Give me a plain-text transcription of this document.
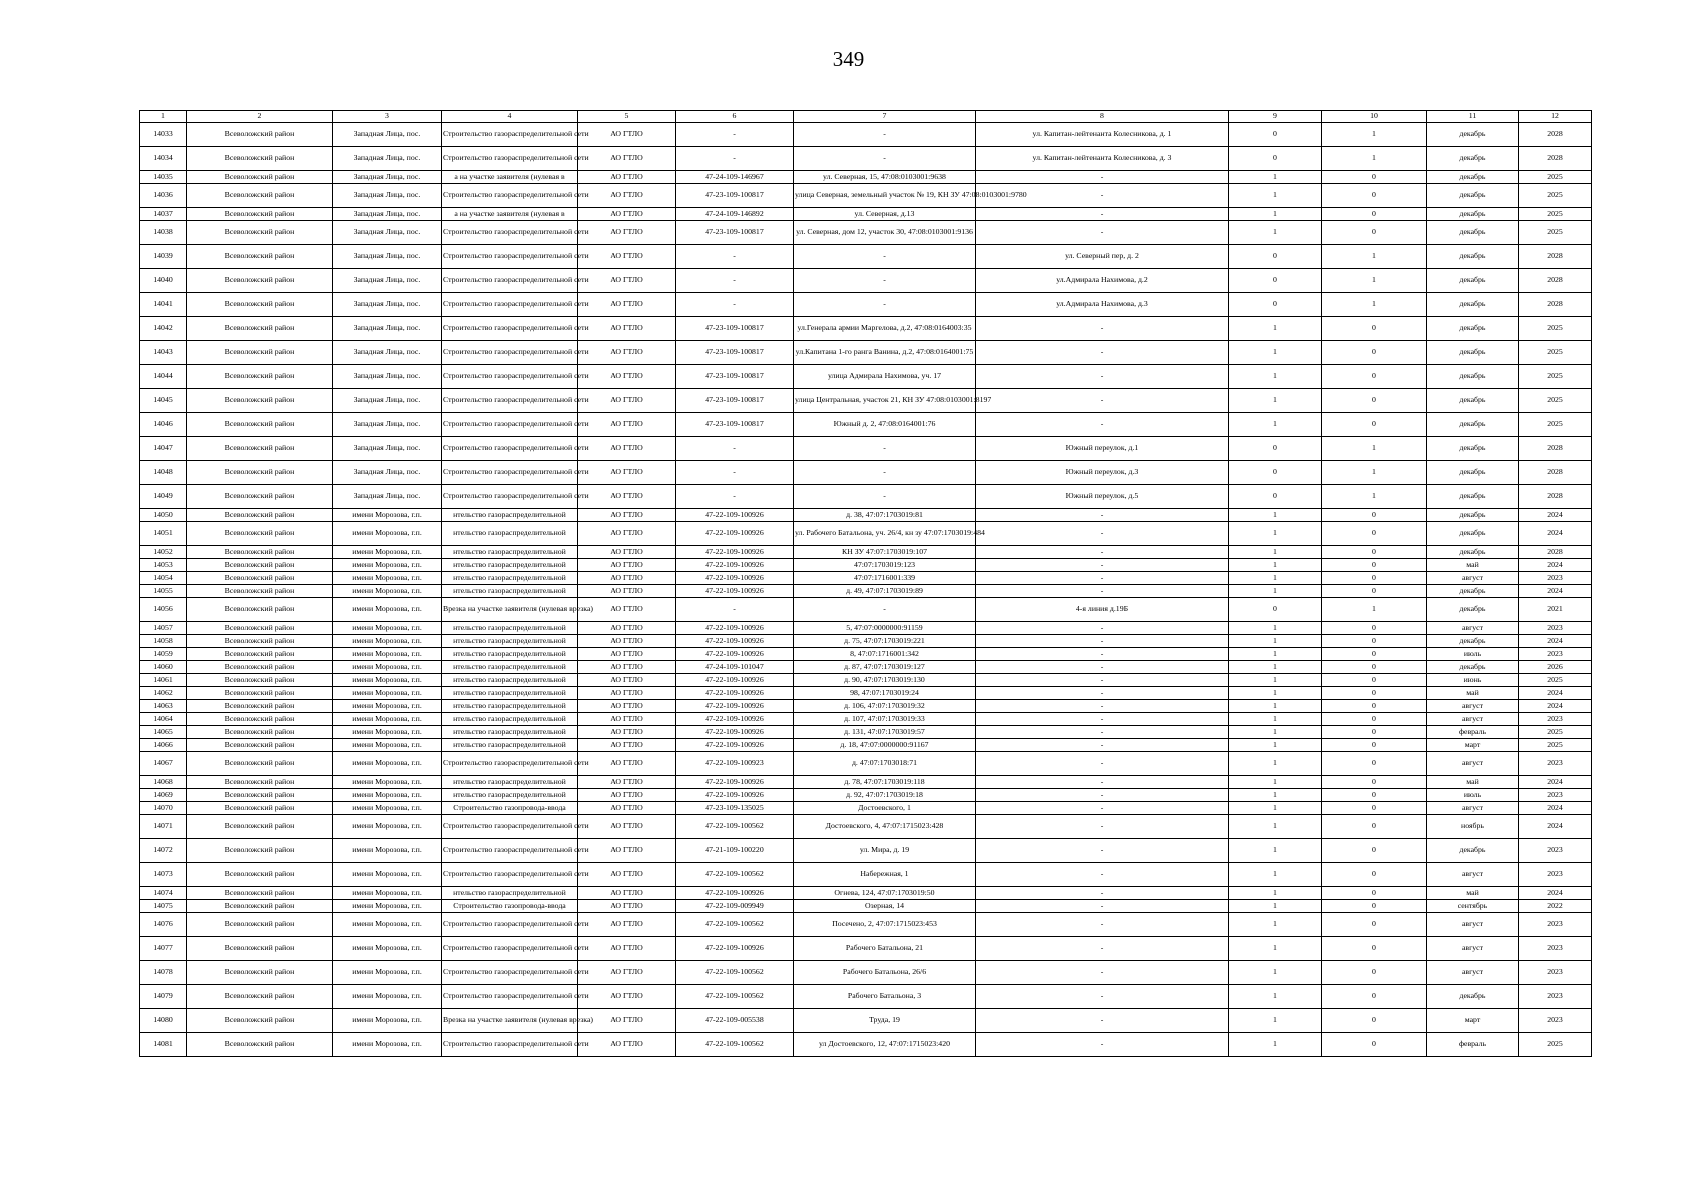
349
1	2	3	4	5	6	7	8	9	10	11	12
14033	Всеволожский район	Западная Лица, пос.	Строительство газораспределительной сети	АО ГТЛО	-	-	ул. Капитан-лейтенанта Колесникова, д. 1	0	1	декабрь	2028
14034	Всеволожский район	Западная Лица, пос.	Строительство газораспределительной сети	АО ГТЛО	-	-	ул. Капитан-лейтенанта Колесникова, д. 3	0	1	декабрь	2028
14035	Всеволожский район	Западная Лица, пос.	а на участке заявителя (нулевая в	АО ГТЛО	47-24-109-146967	ул. Северная, 15, 47:08:0103001:9638	-	1	0	декабрь	2025
14036	Всеволожский район	Западная Лица, пос.	Строительство газораспределительной сети	АО ГТЛО	47-23-109-100817	улица Северная, земельный участок № 19, КН ЗУ 47:08:0103001:9780	-	1	0	декабрь	2025
14037	Всеволожский район	Западная Лица, пос.	а на участке заявителя (нулевая в	АО ГТЛО	47-24-109-146892	ул. Северная, д.13	-	1	0	декабрь	2025
14038	Всеволожский район	Западная Лица, пос.	Строительство газораспределительной сети	АО ГТЛО	47-23-109-100817	ул. Северная, дом 12, участок 30, 47:08:0103001:9136	-	1	0	декабрь	2025
14039	Всеволожский район	Западная Лица, пос.	Строительство газораспределительной сети	АО ГТЛО	-	-	ул. Северный пер, д. 2	0	1	декабрь	2028
14040	Всеволожский район	Западная Лица, пос.	Строительство газораспределительной сети	АО ГТЛО	-	-	ул.Адмирала Нахимова, д.2	0	1	декабрь	2028
14041	Всеволожский район	Западная Лица, пос.	Строительство газораспределительной сети	АО ГТЛО	-	-	ул.Адмирала Нахимова, д.3	0	1	декабрь	2028
14042	Всеволожский район	Западная Лица, пос.	Строительство газораспределительной сети	АО ГТЛО	47-23-109-100817	ул.Генерала армии Маргелова, д.2, 47:08:0164003:35	-	1	0	декабрь	2025
14043	Всеволожский район	Западная Лица, пос.	Строительство газораспределительной сети	АО ГТЛО	47-23-109-100817	ул.Капитана 1-го ранга Ванина, д.2, 47:08:0164001:75	-	1	0	декабрь	2025
14044	Всеволожский район	Западная Лица, пос.	Строительство газораспределительной сети	АО ГТЛО	47-23-109-100817	улица Адмирала Нахимова, уч. 17	-	1	0	декабрь	2025
14045	Всеволожский район	Западная Лица, пос.	Строительство газораспределительной сети	АО ГТЛО	47-23-109-100817	улица Центральная, участок 21, КН ЗУ 47:08:0103001:8197	-	1	0	декабрь	2025
14046	Всеволожский район	Западная Лица, пос.	Строительство газораспределительной сети	АО ГТЛО	47-23-109-100817	Южный д. 2, 47:08:0164001:76	-	1	0	декабрь	2025
14047	Всеволожский район	Западная Лица, пос.	Строительство газораспределительной сети	АО ГТЛО	-	-	Южный переулок, д.1	0	1	декабрь	2028
14048	Всеволожский район	Западная Лица, пос.	Строительство газораспределительной сети	АО ГТЛО	-	-	Южный переулок, д.3	0	1	декабрь	2028
14049	Всеволожский район	Западная Лица, пос.	Строительство газораспределительной сети	АО ГТЛО	-	-	Южный переулок, д.5	0	1	декабрь	2028
14050	Всеволожский район	имени Морозова, г.п.	нтельство газораспределительной	АО ГТЛО	47-22-109-100926	д. 38, 47:07:1703019:81	-	1	0	декабрь	2024
14051	Всеволожский район	имени Морозова, г.п.	нтельство газораспределительной	АО ГТЛО	47-22-109-100926	ул. Рабочего Батальона, уч. 26/4, кн зу 47:07:1703019:484	-	1	0	декабрь	2024
14052	Всеволожский район	имени Морозова, г.п.	нтельство газораспределительной	АО ГТЛО	47-22-109-100926	КН ЗУ 47:07:1703019:107	-	1	0	декабрь	2028
14053	Всеволожский район	имени Морозова, г.п.	нтельство газораспределительной	АО ГТЛО	47-22-109-100926	47:07:1703019:123	-	1	0	май	2024
14054	Всеволожский район	имени Морозова, г.п.	нтельство газораспределительной	АО ГТЛО	47-22-109-100926	47:07:1716001:339	-	1	0	август	2023
14055	Всеволожский район	имени Морозова, г.п.	нтельство газораспределительной	АО ГТЛО	47-22-109-100926	д. 49, 47:07:1703019:89	-	1	0	декабрь	2024
14056	Всеволожский район	имени Морозова, г.п.	Врезка на участке заявителя (нулевая врезка)	АО ГТЛО	-	-	4-я линия д.19Б	0	1	декабрь	2021
14057	Всеволожский район	имени Морозова, г.п.	нтельство газораспределительной	АО ГТЛО	47-22-109-100926	5, 47:07:0000000:91159	-	1	0	август	2023
14058	Всеволожский район	имени Морозова, г.п.	нтельство газораспределительной	АО ГТЛО	47-22-109-100926	д. 75, 47:07:1703019:221	-	1	0	декабрь	2024
14059	Всеволожский район	имени Морозова, г.п.	нтельство газораспределительной	АО ГТЛО	47-22-109-100926	8, 47:07:1716001:342	-	1	0	июль	2023
14060	Всеволожский район	имени Морозова, г.п.	нтельство газораспределительной	АО ГТЛО	47-24-109-101047	д. 87, 47:07:1703019:127	-	1	0	декабрь	2026
14061	Всеволожский район	имени Морозова, г.п.	нтельство газораспределительной	АО ГТЛО	47-22-109-100926	д. 90, 47:07:1703019:130	-	1	0	июнь	2025
14062	Всеволожский район	имени Морозова, г.п.	нтельство газораспределительной	АО ГТЛО	47-22-109-100926	98, 47:07:1703019:24	-	1	0	май	2024
14063	Всеволожский район	имени Морозова, г.п.	нтельство газораспределительной	АО ГТЛО	47-22-109-100926	д. 106, 47:07:1703019:32	-	1	0	август	2024
14064	Всеволожский район	имени Морозова, г.п.	нтельство газораспределительной	АО ГТЛО	47-22-109-100926	д. 107, 47:07:1703019:33	-	1	0	август	2023
14065	Всеволожский район	имени Морозова, г.п.	нтельство газораспределительной	АО ГТЛО	47-22-109-100926	д. 131, 47:07:1703019:57	-	1	0	февраль	2025
14066	Всеволожский район	имени Морозова, г.п.	нтельство газораспределительной	АО ГТЛО	47-22-109-100926	д. 18, 47:07:0000000:91167	-	1	0	март	2025
14067	Всеволожский район	имени Морозова, г.п.	Строительство газораспределительной сети	АО ГТЛО	47-22-109-100923	д. 47:07:1703018:71	-	1	0	август	2023
14068	Всеволожский район	имени Морозова, г.п.	нтельство газораспределительной	АО ГТЛО	47-22-109-100926	д. 78, 47:07:1703019:118	-	1	0	май	2024
14069	Всеволожский район	имени Морозова, г.п.	нтельство газораспределительной	АО ГТЛО	47-22-109-100926	д. 92, 47:07:1703019:18	-	1	0	июль	2023
14070	Всеволожский район	имени Морозова, г.п.	Строительство газопровода-ввода	АО ГТЛО	47-23-109-135025	Достоевского, 1	-	1	0	август	2024
14071	Всеволожский район	имени Морозова, г.п.	Строительство газораспределительной сети	АО ГТЛО	47-22-109-100562	Достоевского, 4, 47:07:1715023:428	-	1	0	ноябрь	2024
14072	Всеволожский район	имени Морозова, г.п.	Строительство газораспределительной сети	АО ГТЛО	47-21-109-100220	ул. Мира, д. 19	-	1	0	декабрь	2023
14073	Всеволожский район	имени Морозова, г.п.	Строительство газораспределительной сети	АО ГТЛО	47-22-109-100562	Набережная, 1	-	1	0	август	2023
14074	Всеволожский район	имени Морозова, г.п.	нтельство газораспределительной	АО ГТЛО	47-22-109-100926	Огнева, 124, 47:07:1703019:50	-	1	0	май	2024
14075	Всеволожский район	имени Морозова, г.п.	Строительство газопровода-ввода	АО ГТЛО	47-22-109-009949	Озерная, 14	-	1	0	сентябрь	2022
14076	Всеволожский район	имени Морозова, г.п.	Строительство газораспределительной сети	АО ГТЛО	47-22-109-100562	Посечено, 2, 47:07:1715023:453	-	1	0	август	2023
14077	Всеволожский район	имени Морозова, г.п.	Строительство газораспределительной сети	АО ГТЛО	47-22-109-100926	Рабочего Батальона, 21	-	1	0	август	2023
14078	Всеволожский район	имени Морозова, г.п.	Строительство газораспределительной сети	АО ГТЛО	47-22-109-100562	Рабочего Батальона, 26/6	-	1	0	август	2023
14079	Всеволожский район	имени Морозова, г.п.	Строительство газораспределительной сети	АО ГТЛО	47-22-109-100562	Рабочего Батальона, 3	-	1	0	декабрь	2023
14080	Всеволожский район	имени Морозова, г.п.	Врезка на участке заявителя (нулевая врезка)	АО ГТЛО	47-22-109-005538	Труда, 19	-	1	0	март	2023
14081	Всеволожский район	имени Морозова, г.п.	Строительство газораспределительной сети	АО ГТЛО	47-22-109-100562	ул Достоевского, 12, 47:07:1715023:420	-	1	0	февраль	2025
